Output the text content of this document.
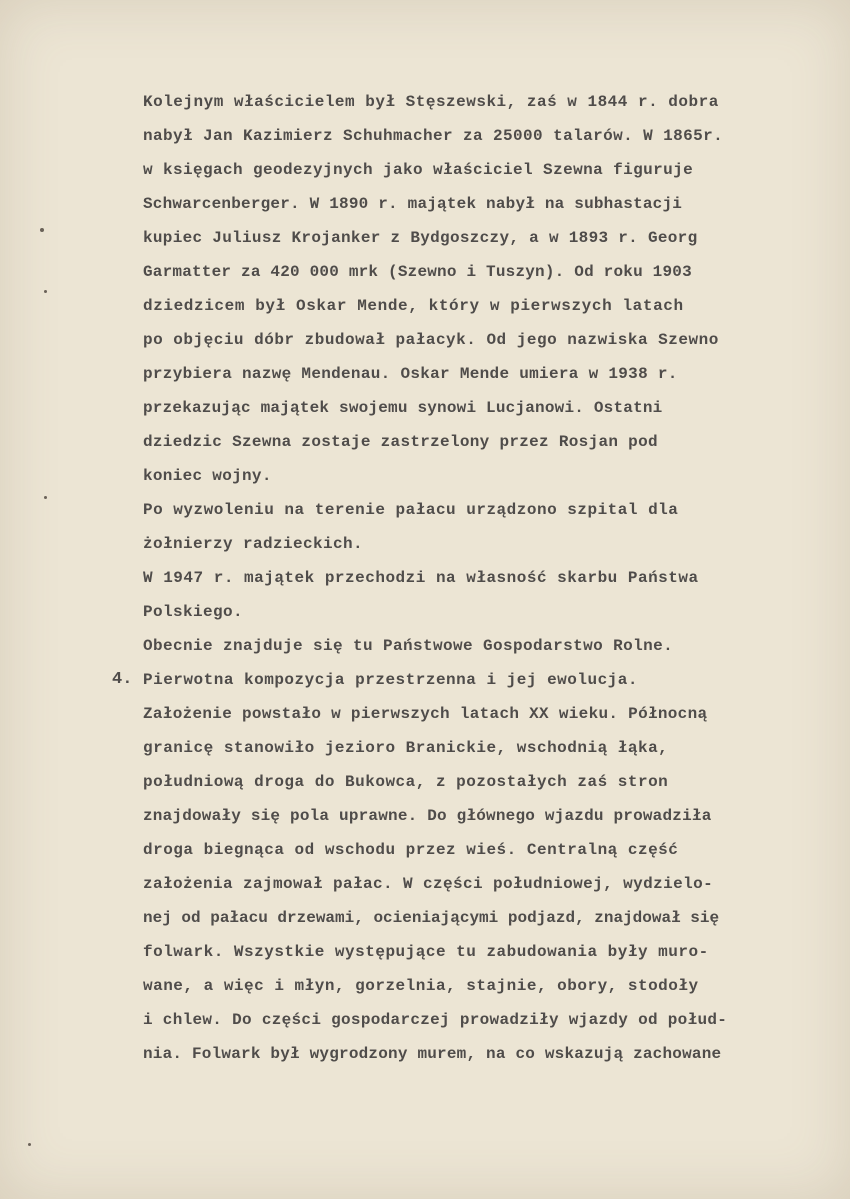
Kolejnym właścicielem był Stęszewski, zaś w 1844 r. dobra
nabył Jan Kazimierz Schuhmacher za 25000 talarów. W 1865r.
w księgach geodezyjnych jako właściciel Szewna figuruje
Schwarcenberger. W 1890 r. majątek nabył na subhastacji
kupiec Juliusz Krojanker z Bydgoszczy, a w 1893 r. Georg
Garmatter za 420 000 mrk (Szewno i Tuszyn). Od roku 1903
dziedzicem był Oskar Mende, który w pierwszych latach
po objęciu dóbr zbudował pałacyk. Od jego nazwiska Szewno
przybiera nazwę Mendenau. Oskar Mende umiera w 1938 r.
przekazując majątek swojemu synowi Lucjanowi. Ostatni
dziedzic Szewna zostaje zastrzelony przez Rosjan pod
koniec wojny.
Po wyzwoleniu na terenie pałacu urządzono szpital dla
żołnierzy radzieckich.
W 1947 r. majątek przechodzi na własność skarbu Państwa
Polskiego.
Obecnie znajduje się tu Państwowe Gospodarstwo Rolne.
4. Pierwotna kompozycja przestrzenna i jej ewolucja.
Założenie powstało w pierwszych latach XX wieku. Północną
granicę stanowiło jezioro Branickie, wschodnią łąka,
południową droga do Bukowca, z pozostałych zaś stron
znajdowały się pola uprawne. Do głównego wjazdu prowadziła
droga biegnąca od wschodu przez wieś. Centralną część
założenia zajmował pałac. W części południowej, wydzielo-
nej od pałacu drzewami, ocieniającymi podjazd, znajdował się
folwark. Wszystkie występujące tu zabudowania były muro-
wane, a więc i młyn, gorzelnia, stajnie, obory, stodoły
i chlew. Do części gospodarczej prowadziły wjazdy od połud-
nia. Folwark był wygrodzony murem, na co wskazują zachowane
